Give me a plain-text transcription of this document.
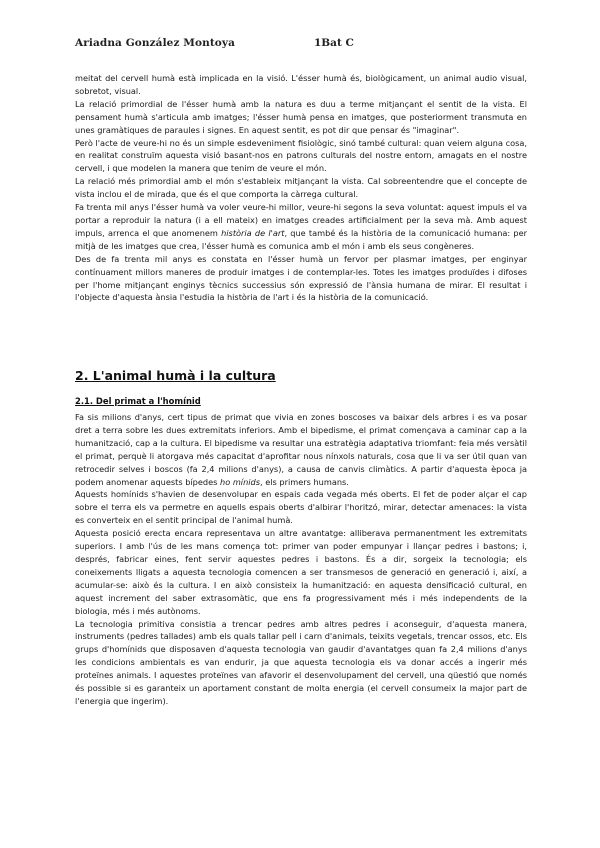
Ariadna González Montoya	1Bat C

meitat del cervell humà està implicada en la visió. L'ésser humà és, biològicament, un animal audio visual, sobretot, visual.

La relació primordial de l'ésser humà amb la natura es duu a terme mitjançant el sentit de la vista. El pensament humà s'articula amb imatges; l'ésser humà pensa en imatges, que posteriorment transmuta en unes gramàtiques de paraules i signes. En aquest sentit, es pot dir que pensar és "imaginar".

Però l'acte de veure-hi no és un simple esdeveniment fisiològic, sinó també cultural: quan veiem alguna cosa, en realitat construïm aquesta visió basant-nos en patrons culturals del nostre entorn, amagats en el nostre cervell, i que modelen la manera que tenim de veure el món.

La relació més primordial amb el món s'estableix mitjançant la vista. Cal sobreentendre que el concepte de vista inclou el de mirada, que és el que comporta la càrrega cultural.

Fa trenta mil anys l'ésser humà va voler veure-hi millor, veure-hi segons la seva voluntat: aquest impuls el va portar a reproduir la natura (i a ell mateix) en imatges creades artificialment per la seva mà. Amb aquest impuls, arrenca el que anomenem història de l'art, que també és la història de la comunicació humana: per mitjà de les imatges que crea, l'ésser humà es comunica amb el món i amb els seus congèneres.

Des de fa trenta mil anys es constata en l'ésser humà un fervor per plasmar imatges, per enginyar contínuament millors maneres de produir imatges i de contemplar-les. Totes les imatges produïdes i difoses per l'home mitjançant enginys tècnics successius són expressió de l'ànsia humana de mirar. El resultat i l'objecte d'aquesta ànsia l'estudia la història de l'art i és la història de la comunicació.

2. L'animal humà i la cultura
2.1. Del primat a l'homínid

Fa sis milions d'anys, cert tipus de primat que vivia en zones boscoses va baixar dels arbres i es va posar dret a terra sobre les dues extremitats inferiors. Amb el bipedisme, el primat començava a caminar cap a la humanització, cap a la cultura. El bipedisme va resultar una estratègia adaptativa triomfant: feia més versàtil el primat, perquè li atorgava més capacitat d'aprofitar nous nínxols naturals, cosa que li va ser útil quan van retrocedir selves i boscos (fa 2,4 milions d'anys), a causa de canvis climàtics. A partir d'aquesta època ja podem anomenar aquests bípedes ho mínids, els primers humans.

Aquests homínids s'havien de desenvolupar en espais cada vegada més oberts. El fet de poder alçar el cap sobre el terra els va permetre en aquells espais oberts d'albirar l'horitzó, mirar, detectar amenaces: la vista es converteix en el sentit principal de l'animal humà.

Aquesta posició erecta encara representava un altre avantatge: alliberava permanentment les extremitats superiors. I amb l'ús de les mans comença tot: primer van poder empunyar i llançar pedres i bastons; i, després, fabricar eines, fent servir aquestes pedres i bastons. És a dir, sorgeix la tecnologia; els coneixements lligats a aquesta tecnologia comencen a ser transmesos de generació en generació i, així, a acumular-se: això és la cultura. I en això consisteix la humanització: en aquesta densificació cultural, en aquest increment del saber extrasomàtic, que ens fa progressivament més i més independents de la biologia, més i més autònoms.

La tecnologia primitiva consistia a trencar pedres amb altres pedres i aconseguir, d'aquesta manera, instruments (pedres tallades) amb els quals tallar pell i carn d'animals, teixits vegetals, trencar ossos, etc. Els grups d'homínids que disposaven d'aquesta tecnologia van gaudir d'avantatges quan fa 2,4 milions d'anys les condicions ambientals es van endurir, ja que aquesta tecnologia els va donar accés a ingerir més proteïnes animals. I aquestes proteïnes van afavorir el desenvolupament del cervell, una qüestió que només és possible si es garanteix un aportament constant de molta energia (el cervell consumeix la major part de l'energia que ingerim).
